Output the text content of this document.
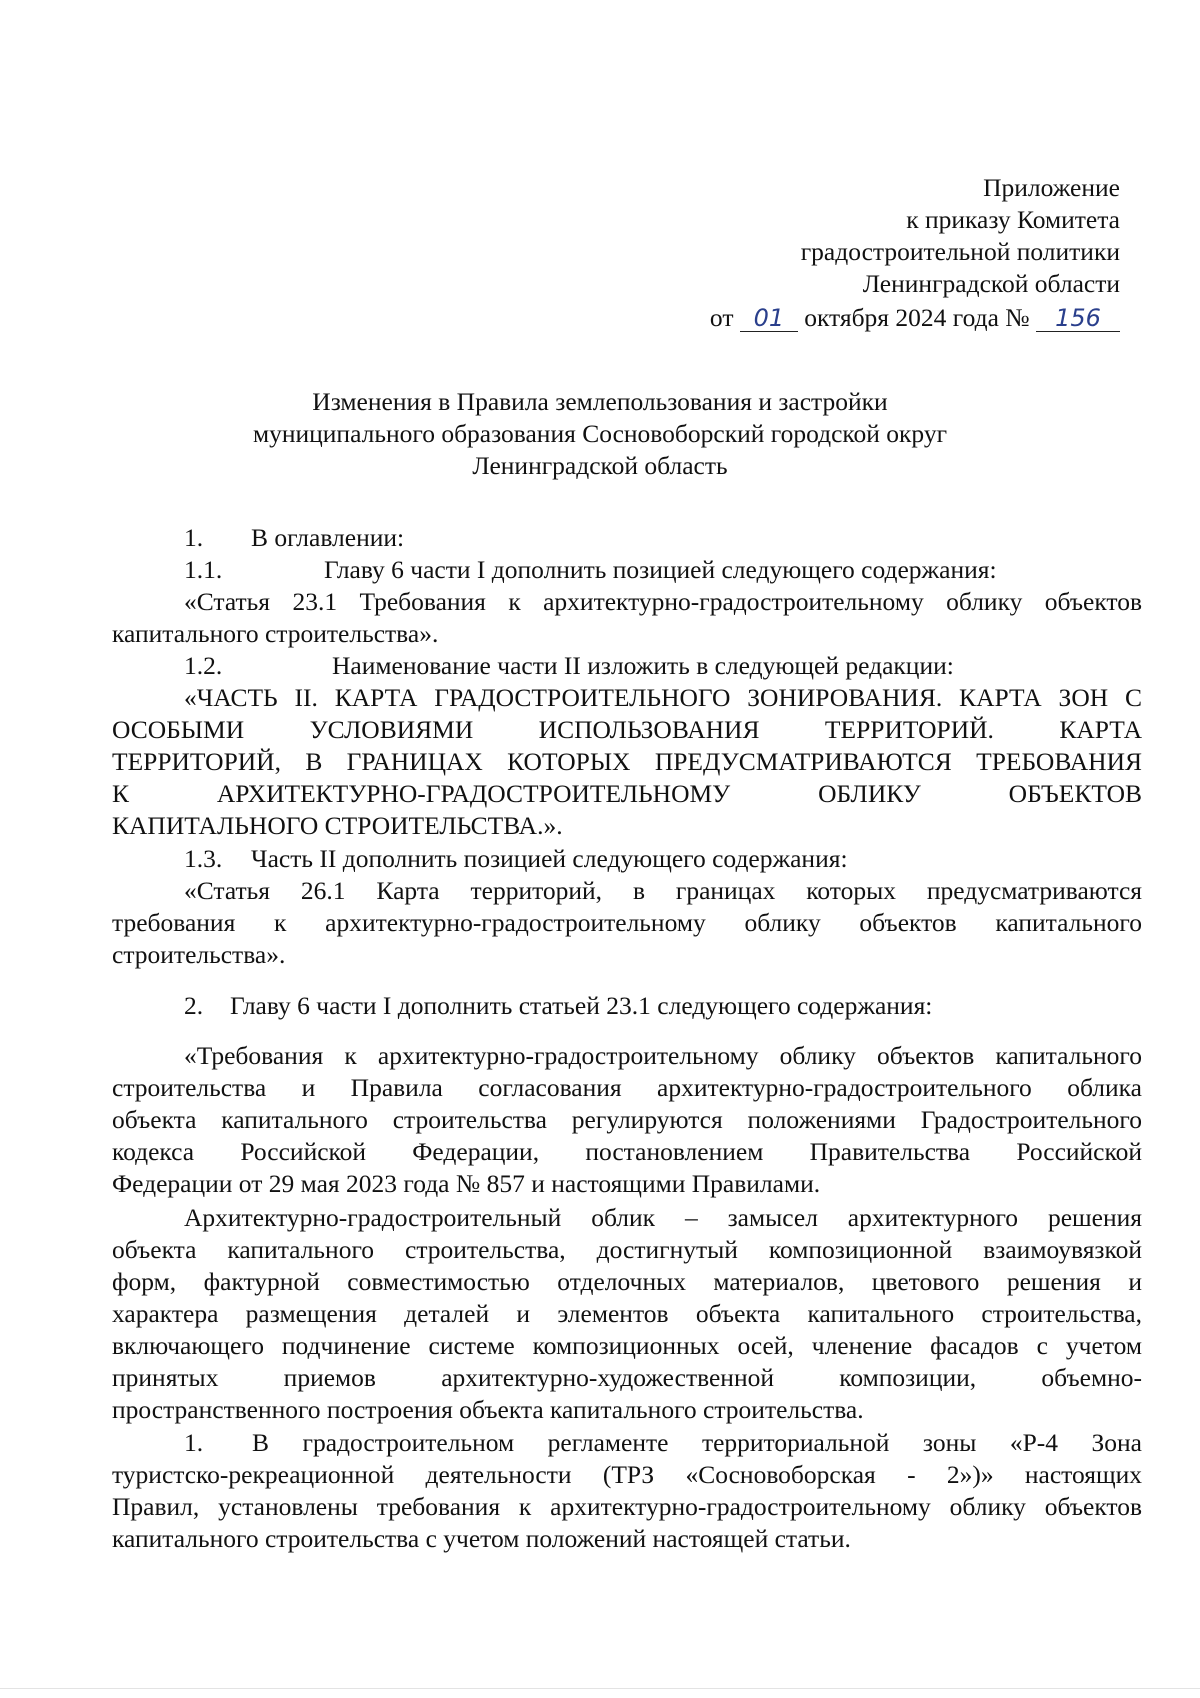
Приложение
к приказу Комитета
градостроительной политики
Ленинградской области
от 01 октября 2024 года № 156
Изменения в Правила землепользования и застройки
муниципального образования Сосновоборский городской округ
Ленинградской область
1. В оглавлении:
1.1.	Главу 6 части I дополнить позицией следующего содержания:
«Статья 23.1 Требования к архитектурно-градостроительному облику объектов
капитального строительства».
1.2.	Наименование части II изложить в следующей редакции:
«ЧАСТЬ II. КАРТА ГРАДОСТРОИТЕЛЬНОГО ЗОНИРОВАНИЯ. КАРТА ЗОН С
ОСОБЫМИ УСЛОВИЯМИ ИСПОЛЬЗОВАНИЯ ТЕРРИТОРИЙ. КАРТА
ТЕРРИТОРИЙ, В ГРАНИЦАХ КОТОРЫХ ПРЕДУСМАТРИВАЮТСЯ ТРЕБОВАНИЯ
К АРХИТЕКТУРНО-ГРАДОСТРОИТЕЛЬНОМУ ОБЛИКУ ОБЪЕКТОВ
КАПИТАЛЬНОГО СТРОИТЕЛЬСТВА.».
1.3. Часть II дополнить позицией следующего содержания:
«Статья 26.1 Карта территорий, в границах которых предусматриваются
требования к архитектурно-градостроительному облику объектов капитального
строительства».
2. Главу 6 части I дополнить статьей 23.1 следующего содержания:
«Требования к архитектурно-градостроительному облику объектов капитального
строительства и Правила согласования архитектурно-градостроительного облика
объекта капитального строительства регулируются положениями Градостроительного
кодекса Российской Федерации, постановлением Правительства Российской
Федерации от 29 мая 2023 года № 857 и настоящими Правилами.
Архитектурно-градостроительный облик – замысел архитектурного решения
объекта капитального строительства, достигнутый композиционной взаимоувязкой
форм, фактурной совместимостью отделочных материалов, цветового решения и
характера размещения деталей и элементов объекта капитального строительства,
включающего подчинение системе композиционных осей, членение фасадов с учетом
принятых приемов архитектурно-художественной композиции, объемно-
пространственного построения объекта капитального строительства.
1. В градостроительном регламенте территориальной зоны «Р-4 Зона
туристско-рекреационной деятельности (ТРЗ «Сосновоборская - 2»)» настоящих
Правил, установлены требования к архитектурно-градостроительному облику объектов
капитального строительства с учетом положений настоящей статьи.
